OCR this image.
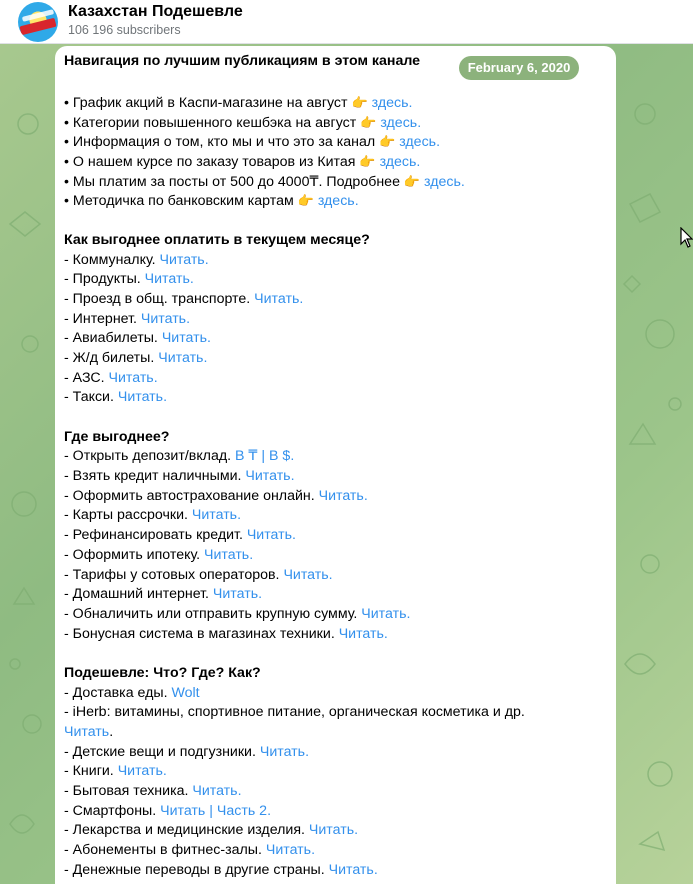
Казахстан Подешевле
106 196 subscribers
Навигация по лучшим публикациям в этом канале
• График акций в Каспи-магазине на август 👉 здесь.
• Категории повышенного кешбэка на август 👉 здесь.
• Информация о том, кто мы и что это за канал 👉 здесь.
• О нашем курсе по заказу товаров из Китая 👉 здесь.
• Мы платим за посты от 500 до 4000₸. Подробнее 👉 здесь.
• Методичка по банковским картам 👉 здесь.
Как выгоднее оплатить в текущем месяце?
- Коммуналку. Читать.
- Продукты. Читать.
- Проезд в общ. транспорте. Читать.
- Интернет. Читать.
- Авиабилеты. Читать.
- Ж/д билеты. Читать.
- АЗС. Читать.
- Такси. Читать.
Где выгоднее?
- Открыть депозит/вклад. В ₸ | В $.
- Взять кредит наличными. Читать.
- Оформить автострахование онлайн. Читать.
- Карты рассрочки. Читать.
- Рефинансировать кредит. Читать.
- Оформить ипотеку. Читать.
- Тарифы у сотовых операторов. Читать.
- Домашний интернет. Читать.
- Обналичить или отправить крупную сумму. Читать.
- Бонусная система в магазинах техники. Читать.
Подешевле: Что? Где? Как?
- Доставка еды. Wolt
- iHerb: витамины, спортивное питание, органическая косметика и др.
Читать.
- Детские вещи и подгузники. Читать.
- Книги. Читать.
- Бытовая техника. Читать.
- Смартфоны. Читать | Часть 2.
- Лекарства и медицинские изделия. Читать.
- Абонементы в фитнес-залы. Читать.
- Денежные переводы в другие страны. Читать.
February 6, 2020
